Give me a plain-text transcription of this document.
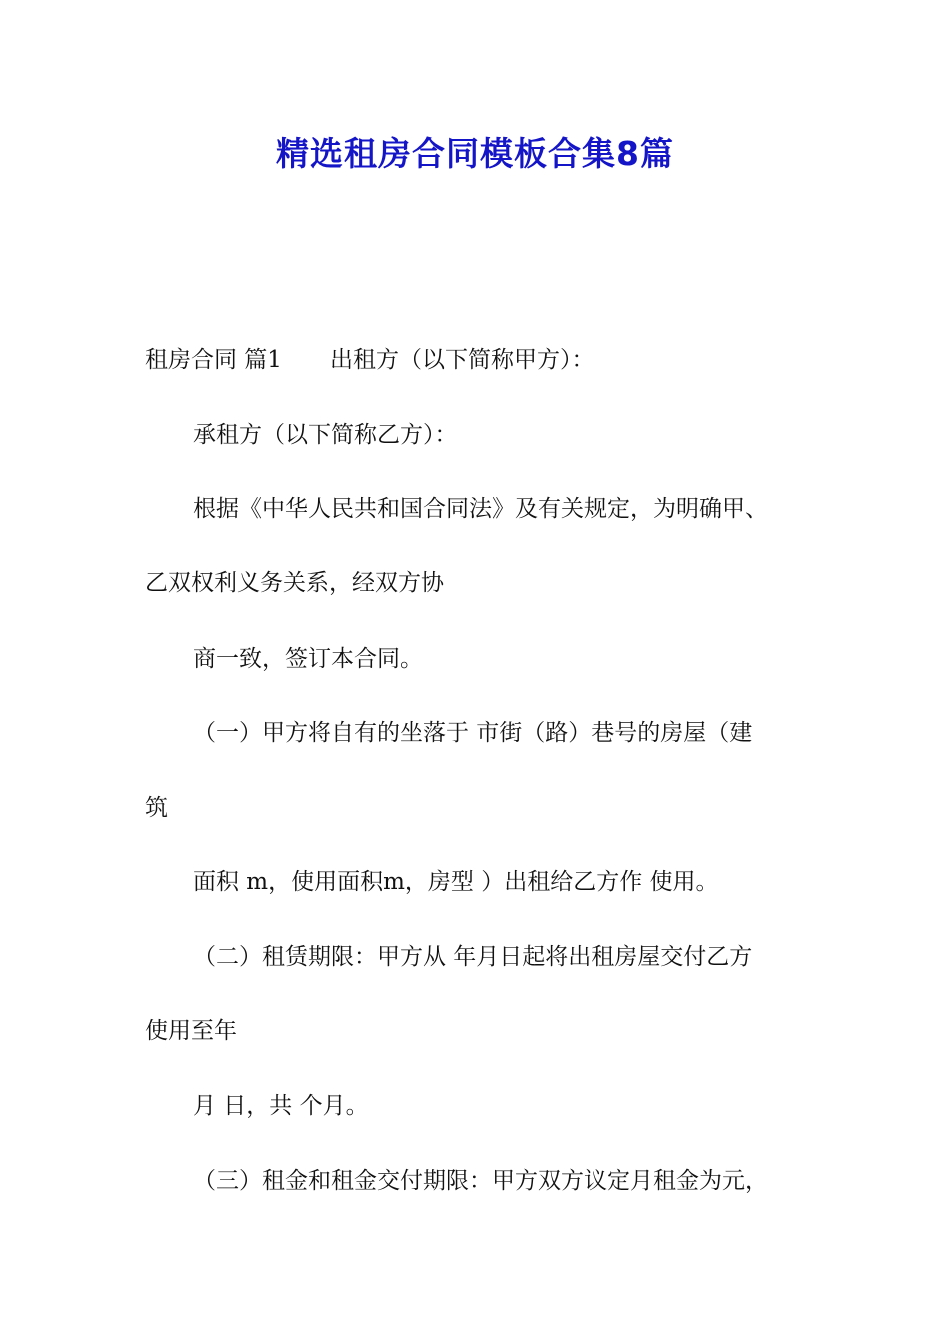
精选租房合同模板合集8篇
租房合同 篇1 出租方（以下简称甲方）：
承租方（以下简称乙方）：
根据《中华人民共和国合同法》及有关规定，为明确甲、
乙双权利义务关系，经双方协
商一致，签订本合同。
（一）甲方将自有的坐落于 市街（路）巷号的房屋（建
筑
面积 m，使用面积m，房型 ）出租给乙方作 使用。
（二）租赁期限：甲方从 年月日起将出租房屋交付乙方
使用至年
月 日，共 个月。
（三）租金和租金交付期限：甲方双方议定月租金为元，
